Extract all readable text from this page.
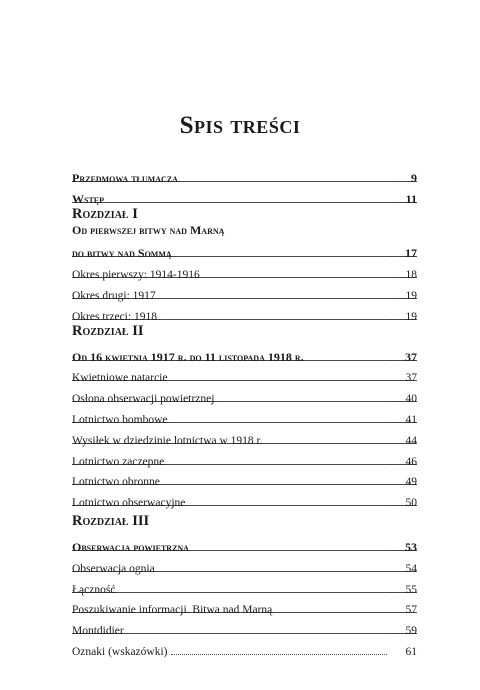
Spis treści
Przedmowa tłumacza	9
Wstęp	11
Rozdział I
Od pierwszej bitwy nad Marną
do bitwy nad Sommą	17
Okres pierwszy: 1914-1916	18
Okres drugi: 1917	19
Okres trzeci: 1918	19
Rozdział II
Od 16 kwietnia 1917 r. do 11 listopada 1918 r.	37
Kwietniowe natarcie	37
Osłona obserwacji powietrznej	40
Lotnictwo bombowe	41
Wysiłek w dziedzinie lotnictwa w 1918 r.	44
Lotnictwo zaczepne	46
Lotnictwo obronne	49
Lotnictwo obserwacyjne	50
Rozdział III
Obserwacja powietrzna	53
Obserwacja ognia	54
Łączność	55
Poszukiwanie informacji. Bitwa nad Marną	57
Montdidier	59
Oznaki (wskazówki)	61
